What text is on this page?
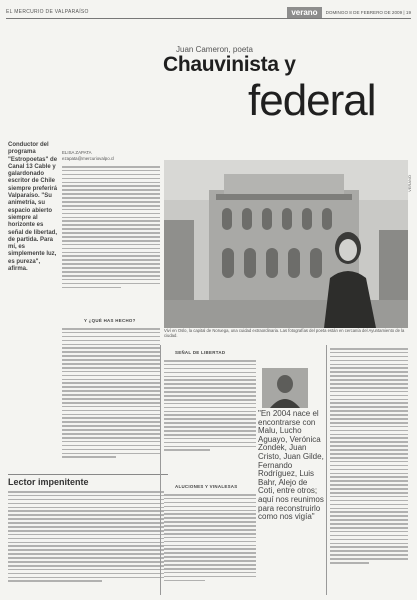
EL MERCURIO DE VALPARAÍSO	verano	DOMINGO 8 DE FEBRERO DE 2009 | 19
Juan Cameron, poeta
Chauvinista y
federal
Conductor del programa "Estropoetas" de Canal 13 Cable y galardonado escritor de Chile siempre preferirá Valparaíso. "Su animetría, su espacio abierto siempre al horizonte es señal de libertad, de partida. Para mí, es simplemente luz, es pureza", afirma.
ELISA ZAPATA
ezapata@mercuriovalpo.cl
Y ¿QUÉ HAS HECHO?
Viví en Oslo, la capital de Noruega, una cuidad extraordinaria. Las fotografías del poeta están en cercanía del Ayuntamiento de la ciudad.
SEÑAL DE LIBERTAD
ALUCIONES Y VINALESAS
"En 2004 nace el encontrarse con Malu, Lucho Aguayo, Verónica Zondek, Juan Cristo, Juan Gilde, Fernando Rodríguez, Luis Bahr, Alejo de Coti, entre otros; aquí nos reunimos para reconstruirlo como nos vigía"
Lector impenitente
VERANO
